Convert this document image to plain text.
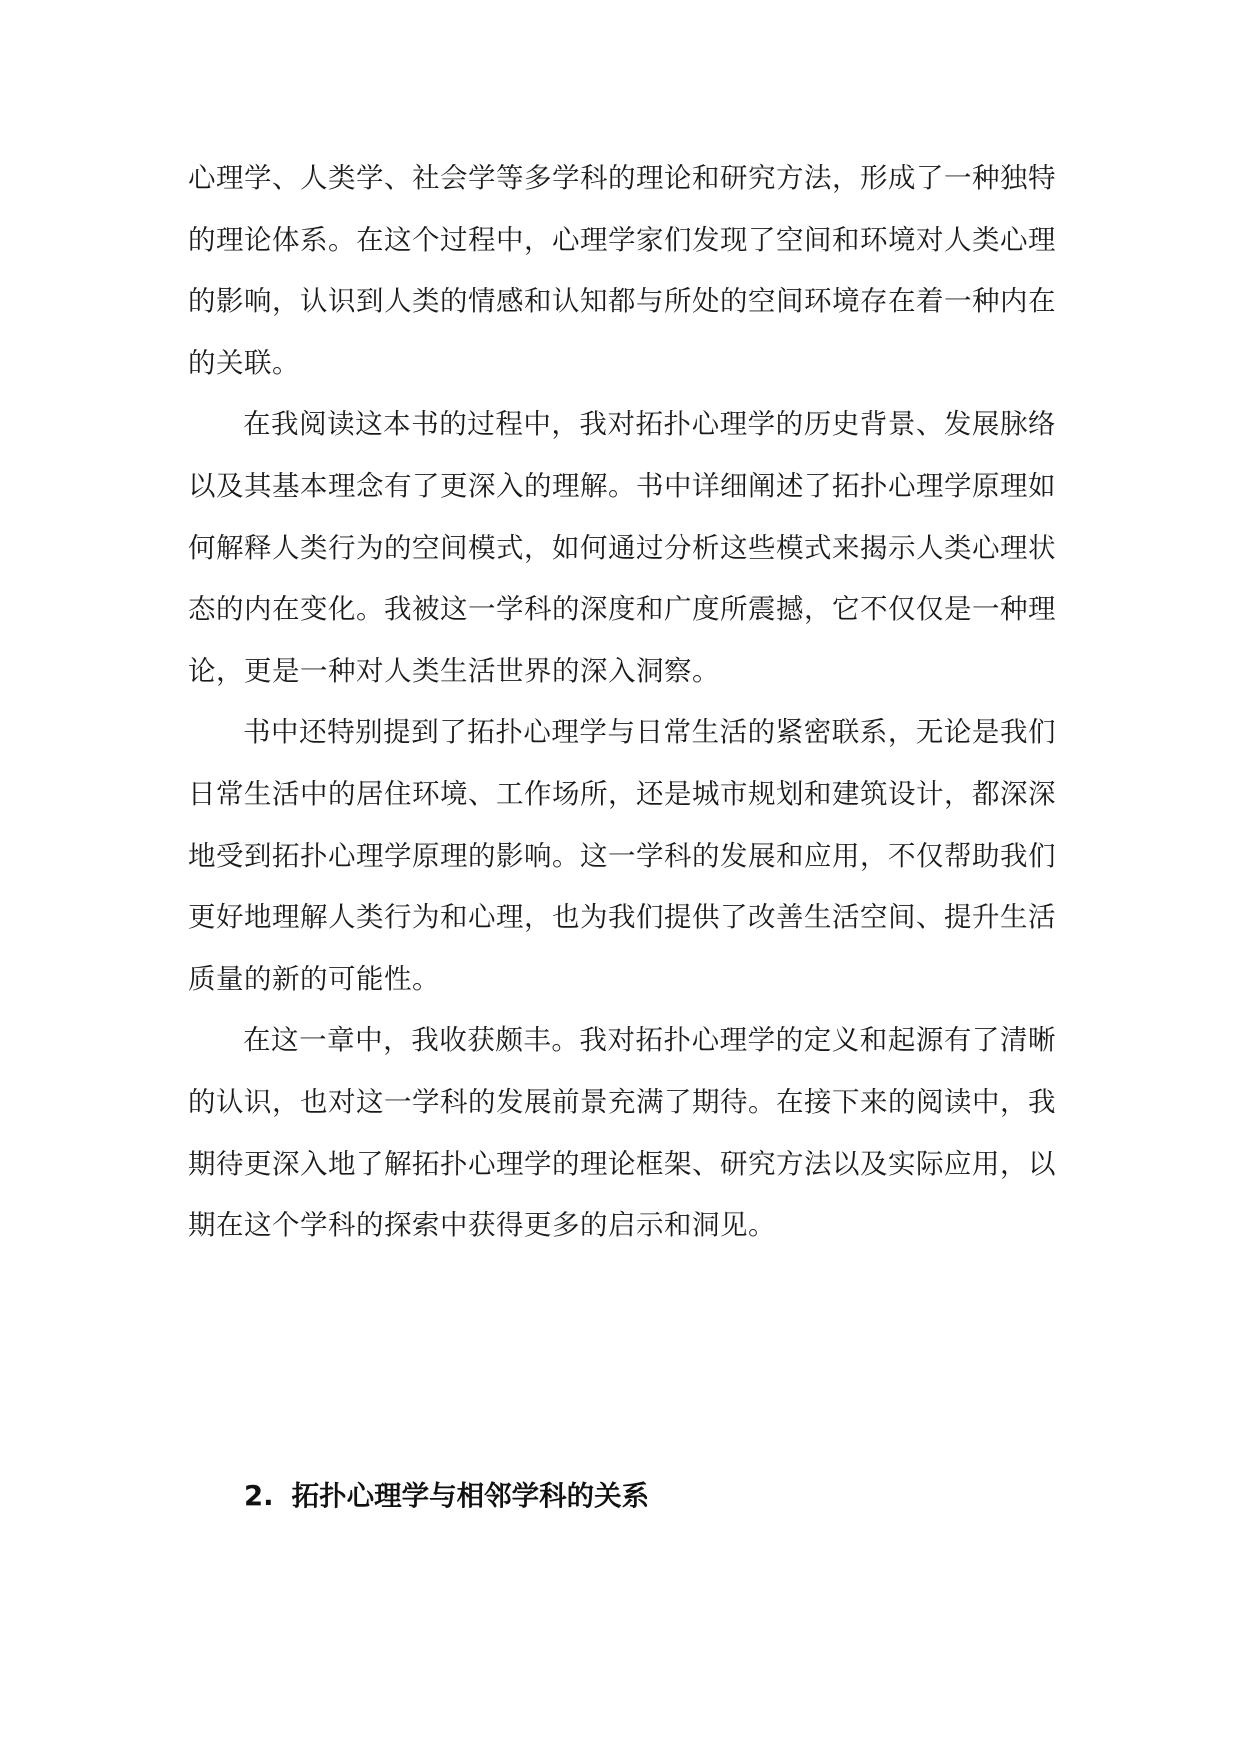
心理学、人类学、社会学等多学科的理论和研究方法，形成了一种独特的理论体系。在这个过程中，心理学家们发现了空间和环境对人类心理的影响，认识到人类的情感和认知都与所处的空间环境存在着一种内在的关联。

在我阅读这本书的过程中，我对拓扑心理学的历史背景、发展脉络以及其基本理念有了更深入的理解。书中详细阐述了拓扑心理学原理如何解释人类行为的空间模式，如何通过分析这些模式来揭示人类心理状态的内在变化。我被这一学科的深度和广度所震撼，它不仅仅是一种理论，更是一种对人类生活世界的深入洞察。

书中还特别提到了拓扑心理学与日常生活的紧密联系，无论是我们日常生活中的居住环境、工作场所，还是城市规划和建筑设计，都深深地受到拓扑心理学原理的影响。这一学科的发展和应用，不仅帮助我们更好地理解人类行为和心理，也为我们提供了改善生活空间、提升生活质量的新的可能性。

在这一章中，我收获颇丰。我对拓扑心理学的定义和起源有了清晰的认识，也对这一学科的发展前景充满了期待。在接下来的阅读中，我期待更深入地了解拓扑心理学的理论框架、研究方法以及实际应用，以期在这个学科的探索中获得更多的启示和洞见。

2. 拓扑心理学与相邻学科的关系
